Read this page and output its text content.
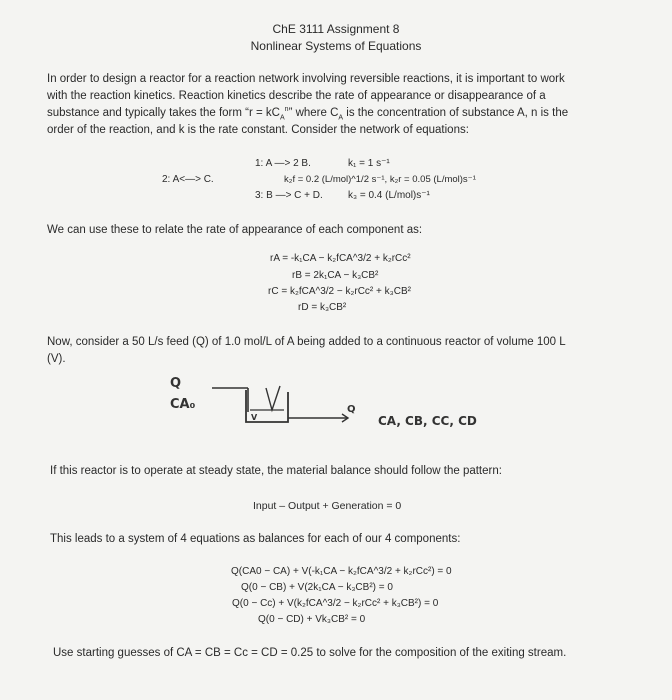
ChE 3111 Assignment 8
Nonlinear Systems of Equations
In order to design a reactor for a reaction network involving reversible reactions, it is important to work
with the reaction kinetics. Reaction kinetics describe the rate of appearance or disappearance of a
substance and typically takes the form “$r = kC_A^n$” where $C_A$ is the concentration of substance A, n is the
order of the reaction, and k is the rate constant. Consider the network of equations:
1: A —> 2 B.
2: A<—> C.
3: B —> C + D.
k₁ = 1 s⁻¹
k₂f = 0.2 (L/mol)^1/2 s⁻¹, k₂r = 0.05 (L/mol)s⁻¹
k₃ = 0.4 (L/mol)s⁻¹
We can use these to relate the rate of appearance of each component as:
rA = -k₁CA − k₂fCA^3/2 + k₂rCc²
rB = 2k₁CA − k₃CB²
rC = k₂fCA^3/2 − k₂rCc² + k₃CB²
rD = k₃CB²
Now, consider a 50 L/s feed (Q) of 1.0 mol/L of A being added to a continuous reactor of volume 100 L
(V).
Q
CA₀
V
Q
CA, CB, CC, CD
If this reactor is to operate at steady state, the material balance should follow the pattern:
Input – Output + Generation = 0
This leads to a system of 4 equations as balances for each of our 4 components:
Q(CA0 − CA) + V(-k₁CA − k₂fCA^3/2 + k₂rCc²) = 0
Q(0 − CB) + V(2k₁CA − k₃CB²) = 0
Q(0 − Cc) + V(k₂fCA^3/2 − k₂rCc² + k₃CB²) = 0
Q(0 − CD) + Vk₃CB² = 0
Use starting guesses of CA = CB = Cc = CD = 0.25 to solve for the composition of the exiting stream.
